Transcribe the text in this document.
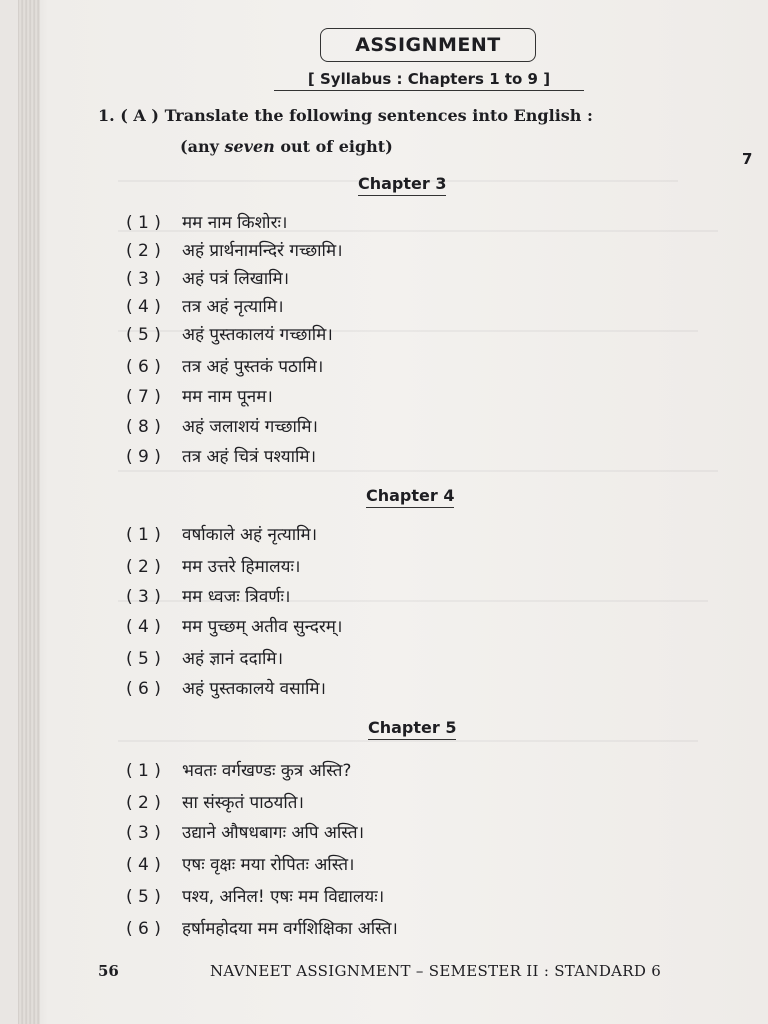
ASSIGNMENT
[ Syllabus : Chapters 1 to 9 ]
1. ( A ) Translate the following sentences into English :
(any seven out of eight)
7
Chapter 3
( 1 ) मम नाम किशोरः।
( 2 ) अहं प्रार्थनामन्दिरं गच्छामि।
( 3 ) अहं पत्रं लिखामि।
( 4 ) तत्र अहं नृत्यामि।
( 5 ) अहं पुस्तकालयं गच्छामि।
( 6 ) तत्र अहं पुस्तकं पठामि।
( 7 ) मम नाम पूनम।
( 8 ) अहं जलाशयं गच्छामि।
( 9 ) तत्र अहं चित्रं पश्यामि।
Chapter 4
( 1 ) वर्षाकाले अहं नृत्यामि।
( 2 ) मम उत्तरे हिमालयः।
( 3 ) मम ध्वजः त्रिवर्णः।
( 4 ) मम पुच्छम् अतीव सुन्दरम्।
( 5 ) अहं ज्ञानं ददामि।
( 6 ) अहं पुस्तकालये वसामि।
Chapter 5
( 1 ) भवतः वर्गखण्डः कुत्र अस्ति?
( 2 ) सा संस्कृतं पाठयति।
( 3 ) उद्याने औषधबागः अपि अस्ति।
( 4 ) एषः वृक्षः मया रोपितः अस्ति।
( 5 ) पश्य, अनिल! एषः मम विद्यालयः।
( 6 ) हर्षामहोदया मम वर्गशिक्षिका अस्ति।
56	NAVNEET ASSIGNMENT – SEMESTER II : STANDARD 6
